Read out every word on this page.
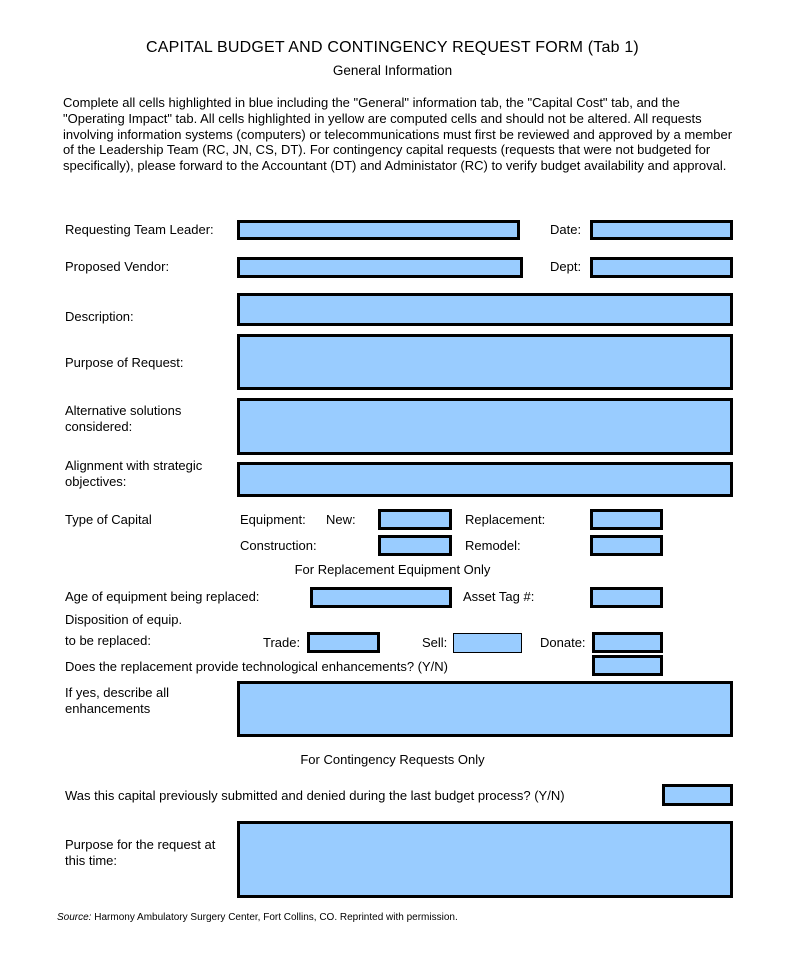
CAPITAL BUDGET AND CONTINGENCY REQUEST FORM (Tab 1)
General Information
Complete all cells highlighted in blue including the "General" information tab, the "Capital Cost" tab, and the "Operating Impact" tab. All cells highlighted in yellow are computed cells and should not be altered. All requests involving information systems (computers) or telecommunications must first be reviewed and approved by a member of the Leadership Team (RC, JN, CS, DT). For contingency capital requests (requests that were not budgeted for specifically), please forward to the Accountant (DT) and Administator (RC) to verify budget availability and approval.
Requesting Team Leader:	Date:
Proposed Vendor:	Dept:
Description:
Purpose of Request:
Alternative solutions considered:
Alignment with strategic objectives:
Type of Capital	Equipment: New:	Replacement:
Construction:	Remodel:
For Replacement Equipment Only
Age of equipment being replaced:	Asset Tag #:
Disposition of equip.
to be replaced:	Trade:	Sell:	Donate:
Does the replacement provide technological enhancements? (Y/N)
If yes, describe all enhancements
For Contingency Requests Only
Was this capital previously submitted and denied during the last budget process? (Y/N)
Purpose for the request at this time:
Source: Harmony Ambulatory Surgery Center, Fort Collins, CO. Reprinted with permission.
